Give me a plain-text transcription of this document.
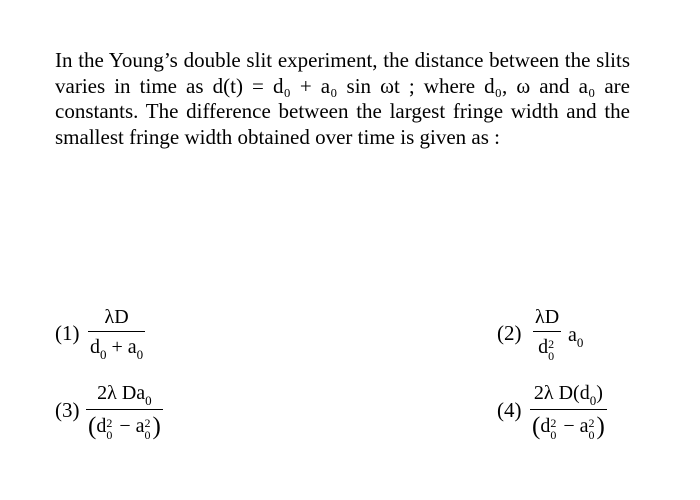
In the Young’s double slit experiment, the distance between the slits varies in time as d(t) = d₀ + a₀ sin ωt ; where d₀, ω and a₀ are constants. The difference between the largest fringe width and the smallest fringe width obtained over time is given as :
(1)
λD
$d_0 + a_0$
(2)
λD
d 2
0
$a_0$
(3)
2λ $Da_0$
(d 2
0 − a 2
0 )
(4)
2λ $D(d_0)$
(d 2
0 − a 2
0 )
